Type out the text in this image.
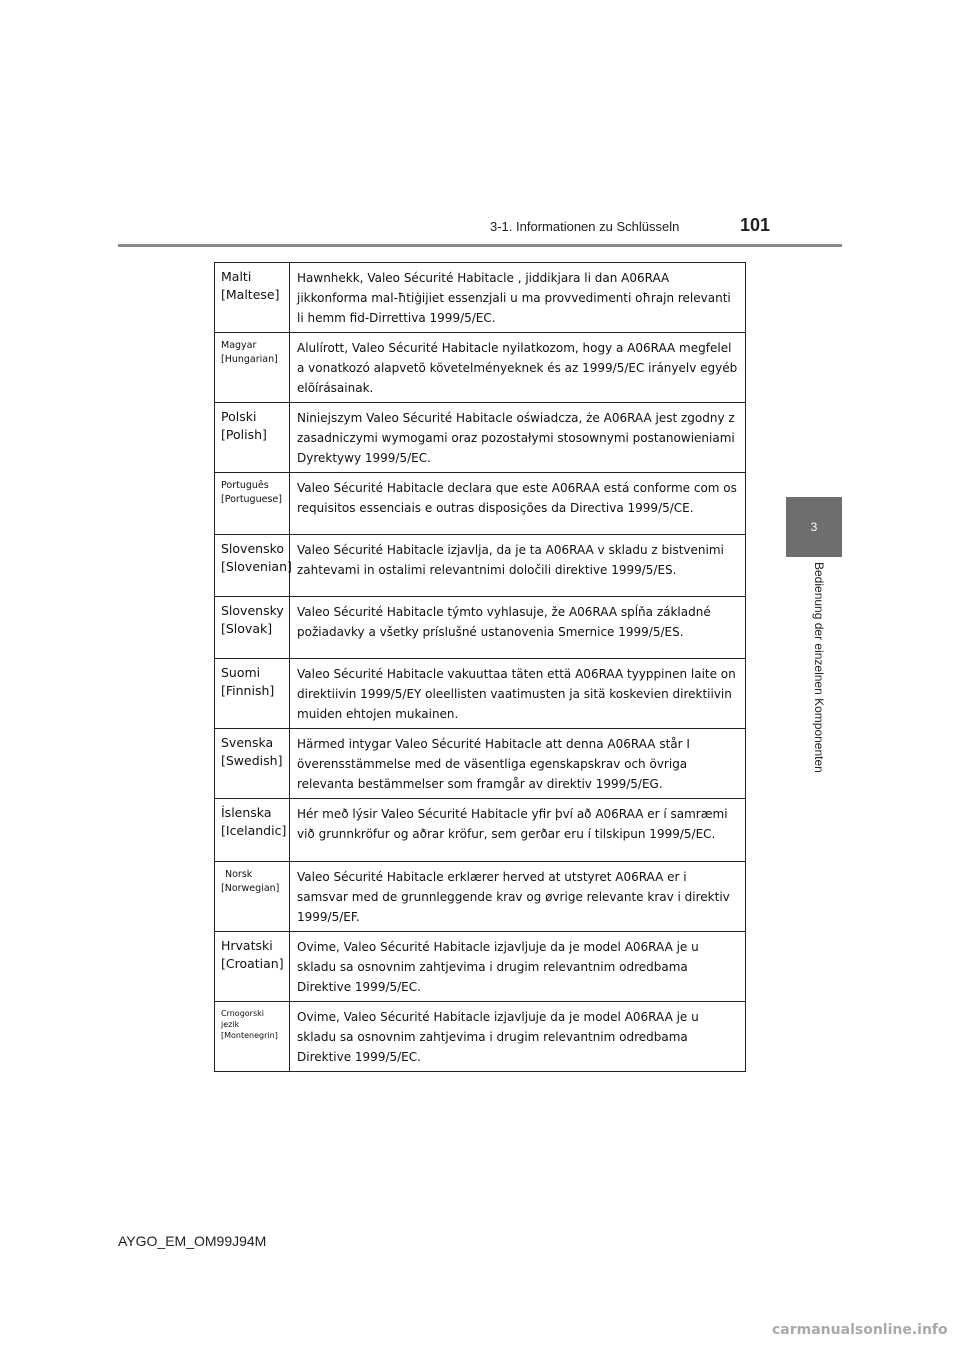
3-1. Informationen zu Schlüsseln	101
3
Bedienung der einzelnen Komponenten
Malti
[Maltese]	Hawnhekk, Valeo Sécurité Habitacle , jiddikjara li dan A06RAA jikkonforma mal-ħtiġijiet essenzjali u ma provvedimenti oħrajn relevanti li hemm fid-Dirrettiva 1999/5/EC.

Magyar
[Hungarian]	Alulírott, Valeo Sécurité Habitacle nyilatkozom, hogy a A06RAA megfelel a vonatkozó alapvetõ követelményeknek és az 1999/5/EC irányelv egyéb elõírásainak.

Polski
[Polish]	Niniejszym Valeo Sécurité Habitacle oświadcza, że A06RAA jest zgodny z zasadniczymi wymogami oraz pozostałymi stosownymi postanowieniami Dyrektywy 1999/5/EC.

Português
[Portuguese]	Valeo Sécurité Habitacle declara que este A06RAA está conforme com os requisitos essenciais e outras disposições da Directiva 1999/5/CE.

Slovensko
[Slovenian]	Valeo Sécurité Habitacle izjavlja, da je ta A06RAA v skladu z bistvenimi zahtevami in ostalimi relevantnimi določili direktive 1999/5/ES.

Slovensky
[Slovak]	Valeo Sécurité Habitacle týmto vyhlasuje, že A06RAA spĺňa základné požiadavky a všetky príslušné ustanovenia Smernice 1999/5/ES.

Suomi
[Finnish]	Valeo Sécurité Habitacle vakuuttaa täten että A06RAA tyyppinen laite on direktiivin 1999/5/EY oleellisten vaatimusten ja sitä koskevien direktiivin muiden ehtojen mukainen.

Svenska
[Swedish]	Härmed intygar Valeo Sécurité Habitacle att denna A06RAA står I överensstämmelse med de väsentliga egenskapskrav och övriga relevanta bestämmelser som framgår av direktiv 1999/5/EG.

Íslenska
[Icelandic]	Hér með lýsir Valeo Sécurité Habitacle yfir því að A06RAA er í samræmi við grunnkröfur og aðrar kröfur, sem gerðar eru í tilskipun 1999/5/EC.

Norsk
[Norwegian]	Valeo Sécurité Habitacle erklærer herved at utstyret A06RAA er i samsvar med de grunnleggende krav og øvrige relevante krav i direktiv 1999/5/EF.

Hrvatski
[Croatian]	Ovime, Valeo Sécurité Habitacle izjavljuje da je model A06RAA je u skladu sa osnovnim zahtjevima i drugim relevantnim odredbama Direktive 1999/5/EC.

Crnogorski jezik
[Montenegrin]	Ovime, Valeo Sécurité Habitacle izjavljuje da je model A06RAA je u skladu sa osnovnim zahtjevima i drugim relevantnim odredbama Direktive 1999/5/EC.
AYGO_EM_OM99J94M
carmanualsonline.info
